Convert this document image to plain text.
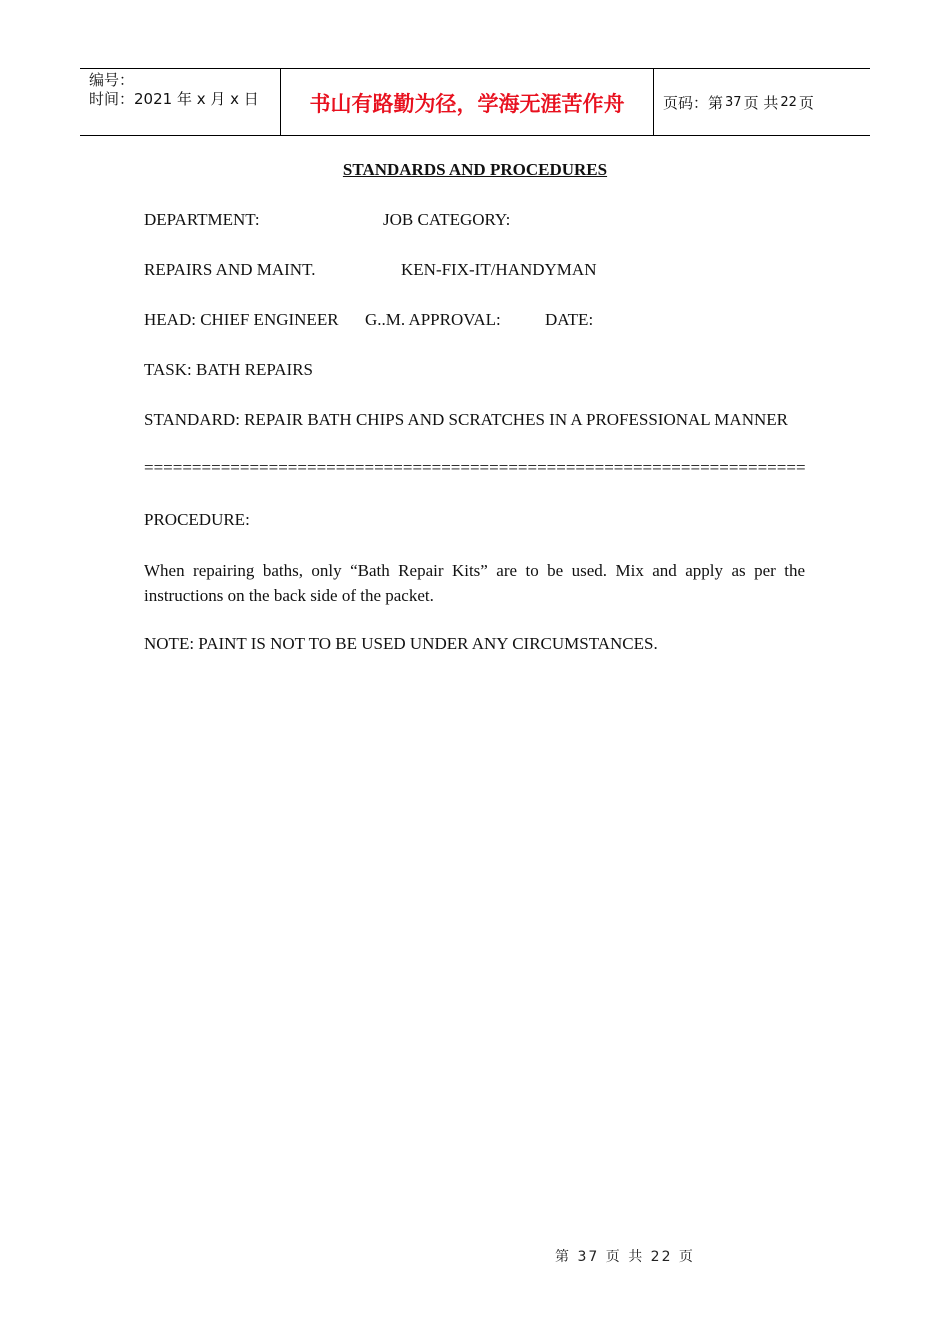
编号：
时间：2021 年 x 月 x 日	书山有路勤为径，学海无涯苦作舟	页码：第 37 页 共 22 页
STANDARDS AND PROCEDURES
DEPARTMENT:	JOB CATEGORY:
REPAIRS AND MAINT.	KEN-FIX-IT/HANDYMAN
HEAD: CHIEF ENGINEER G..M. APPROVAL:	DATE:
TASK: BATH REPAIRS
STANDARD: REPAIR BATH CHIPS AND SCRATCHES IN A PROFESSIONAL MANNER
=====================================================================
PROCEDURE:
When repairing baths, only “Bath Repair Kits” are to be used. Mix and apply as per the instructions on the back side of the packet.
NOTE: PAINT IS NOT TO BE USED UNDER ANY CIRCUMSTANCES.
第 37 页 共 22 页
